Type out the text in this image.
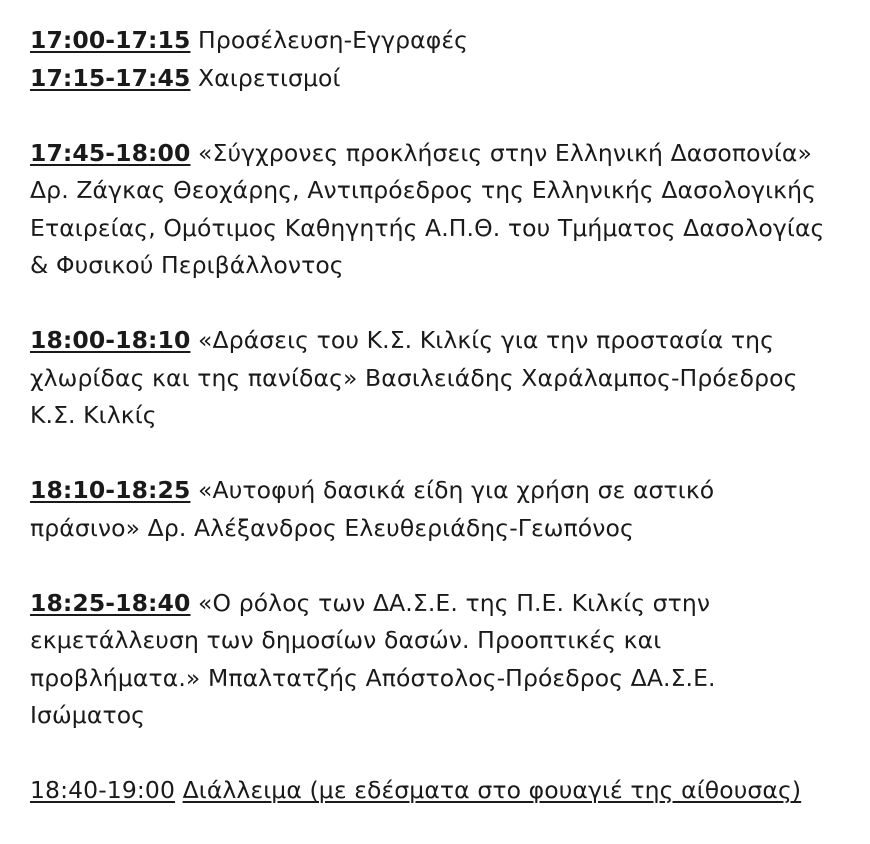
17:00-17:15 Προσέλευση-Εγγραφές
17:15-17:45 Χαιρετισμοί
17:45-18:00 «Σύγχρονες προκλήσεις στην Ελληνική Δασοπονία»
Δρ. Ζάγκας Θεοχάρης, Αντιπρόεδρος της Ελληνικής Δασολογικής
Εταιρείας, Ομότιμος Καθηγητής Α.Π.Θ. του Τμήματος Δασολογίας
& Φυσικού Περιβάλλοντος
18:00-18:10 «Δράσεις του Κ.Σ. Κιλκίς για την προστασία της
χλωρίδας και της πανίδας» Βασιλειάδης Χαράλαμπος-Πρόεδρος
Κ.Σ. Κιλκίς
18:10-18:25 «Αυτοφυή δασικά είδη για χρήση σε αστικό
πράσινο» Δρ. Αλέξανδρος Ελευθεριάδης-Γεωπόνος
18:25-18:40 «Ο ρόλος των ΔΑ.Σ.Ε. της Π.Ε. Κιλκίς στην
εκμετάλλευση των δημοσίων δασών. Προοπτικές και
προβλήματα.» Μπαλτατζής Απόστολος-Πρόεδρος ΔΑ.Σ.Ε.
Ισώματος
18:40-19:00 Διάλλειμα (με εδέσματα στο φουαγιέ της αίθουσας)
